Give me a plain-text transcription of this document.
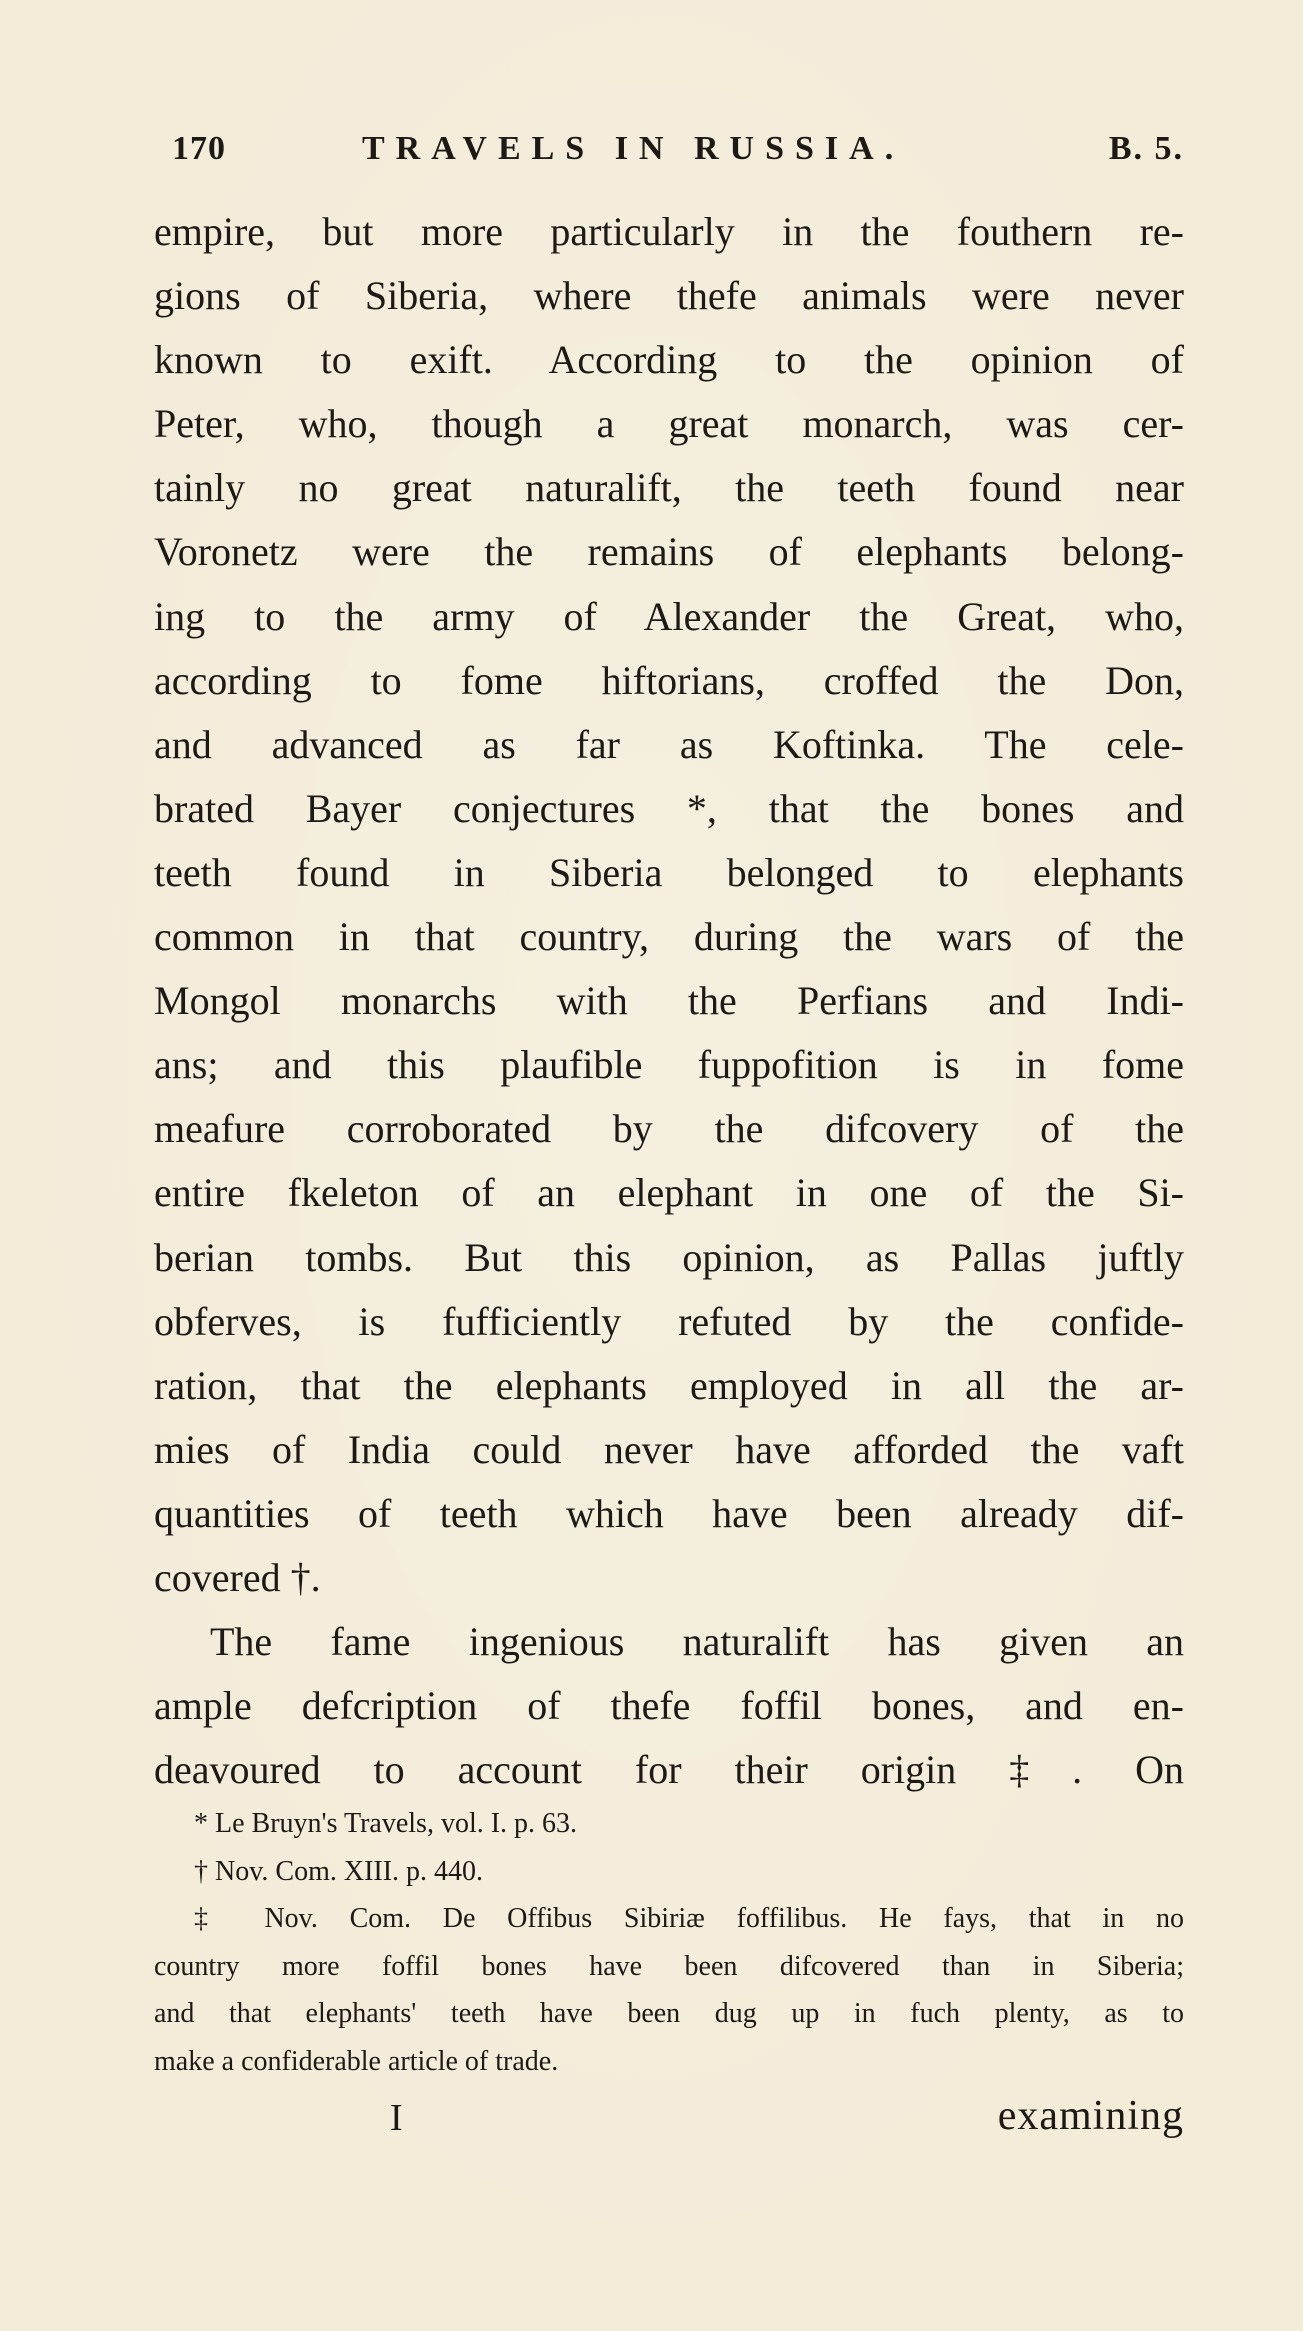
170	TRAVELS IN RUSSIA.	B. 5.
empire, but more particularly in the fouthern re-
gions of Siberia, where thefe animals were never
known to exift. According to the opinion of
Peter, who, though a great monarch, was cer-
tainly no great naturalift, the teeth found near
Voronetz were the remains of elephants belong-
ing to the army of Alexander the Great, who,
according to fome hiftorians, croffed the Don,
and advanced as far as Koftinka. The cele-
brated Bayer conjectures *, that the bones and
teeth found in Siberia belonged to elephants
common in that country, during the wars of the
Mongol monarchs with the Perfians and Indi-
ans; and this plaufible fuppofition is in fome
meafure corroborated by the difcovery of the
entire fkeleton of an elephant in one of the Si-
berian tombs. But this opinion, as Pallas juftly
obferves, is fufficiently refuted by the confide-
ration, that the elephants employed in all the ar-
mies of India could never have afforded the vaft
quantities of teeth which have been already dif-
covered †.
The fame ingenious naturalift has given an
ample defcription of thefe foffil bones, and en-
deavoured to account for their origin ‡. On
* Le Bruyn's Travels, vol. I. p. 63.
† Nov. Com. XIII. p. 440.
‡ Nov. Com. De Offibus Sibiriæ foffilibus. He fays, that in no
country more foffil bones have been difcovered than in Siberia;
and that elephants' teeth have been dug up in fuch plenty, as to
make a confiderable article of trade.
I	examining
